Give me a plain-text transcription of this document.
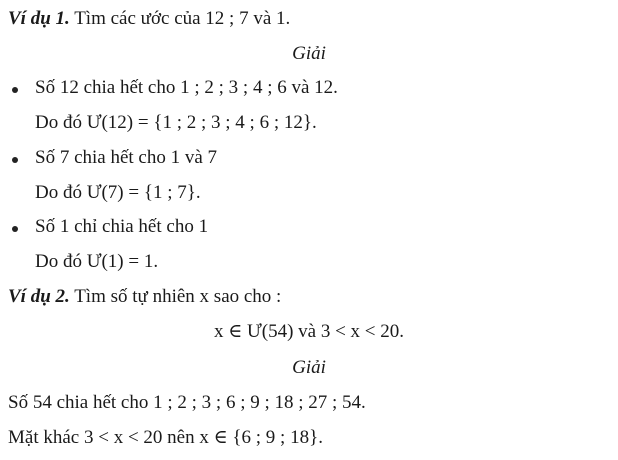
Ví dụ 1. Tìm các ước của 12 ; 7 và 1.
Giải
Số 12 chia hết cho 1 ; 2 ; 3 ; 4 ; 6 và 12.
Do đó Ư(12) = {1 ; 2 ; 3 ; 4 ; 6 ; 12}.
Số 7 chia hết cho 1 và 7
Do đó Ư(7) = {1 ; 7}.
Số 1 chỉ chia hết cho 1
Do đó Ư(1) = 1.
Ví dụ 2. Tìm số tự nhiên x sao cho :
x ∈ Ư(54) và 3 < x < 20.
Giải
Số 54 chia hết cho 1 ; 2 ; 3 ; 6 ; 9 ; 18 ; 27 ; 54.
Mặt khác 3 < x < 20 nên x ∈ {6 ; 9 ; 18}.
